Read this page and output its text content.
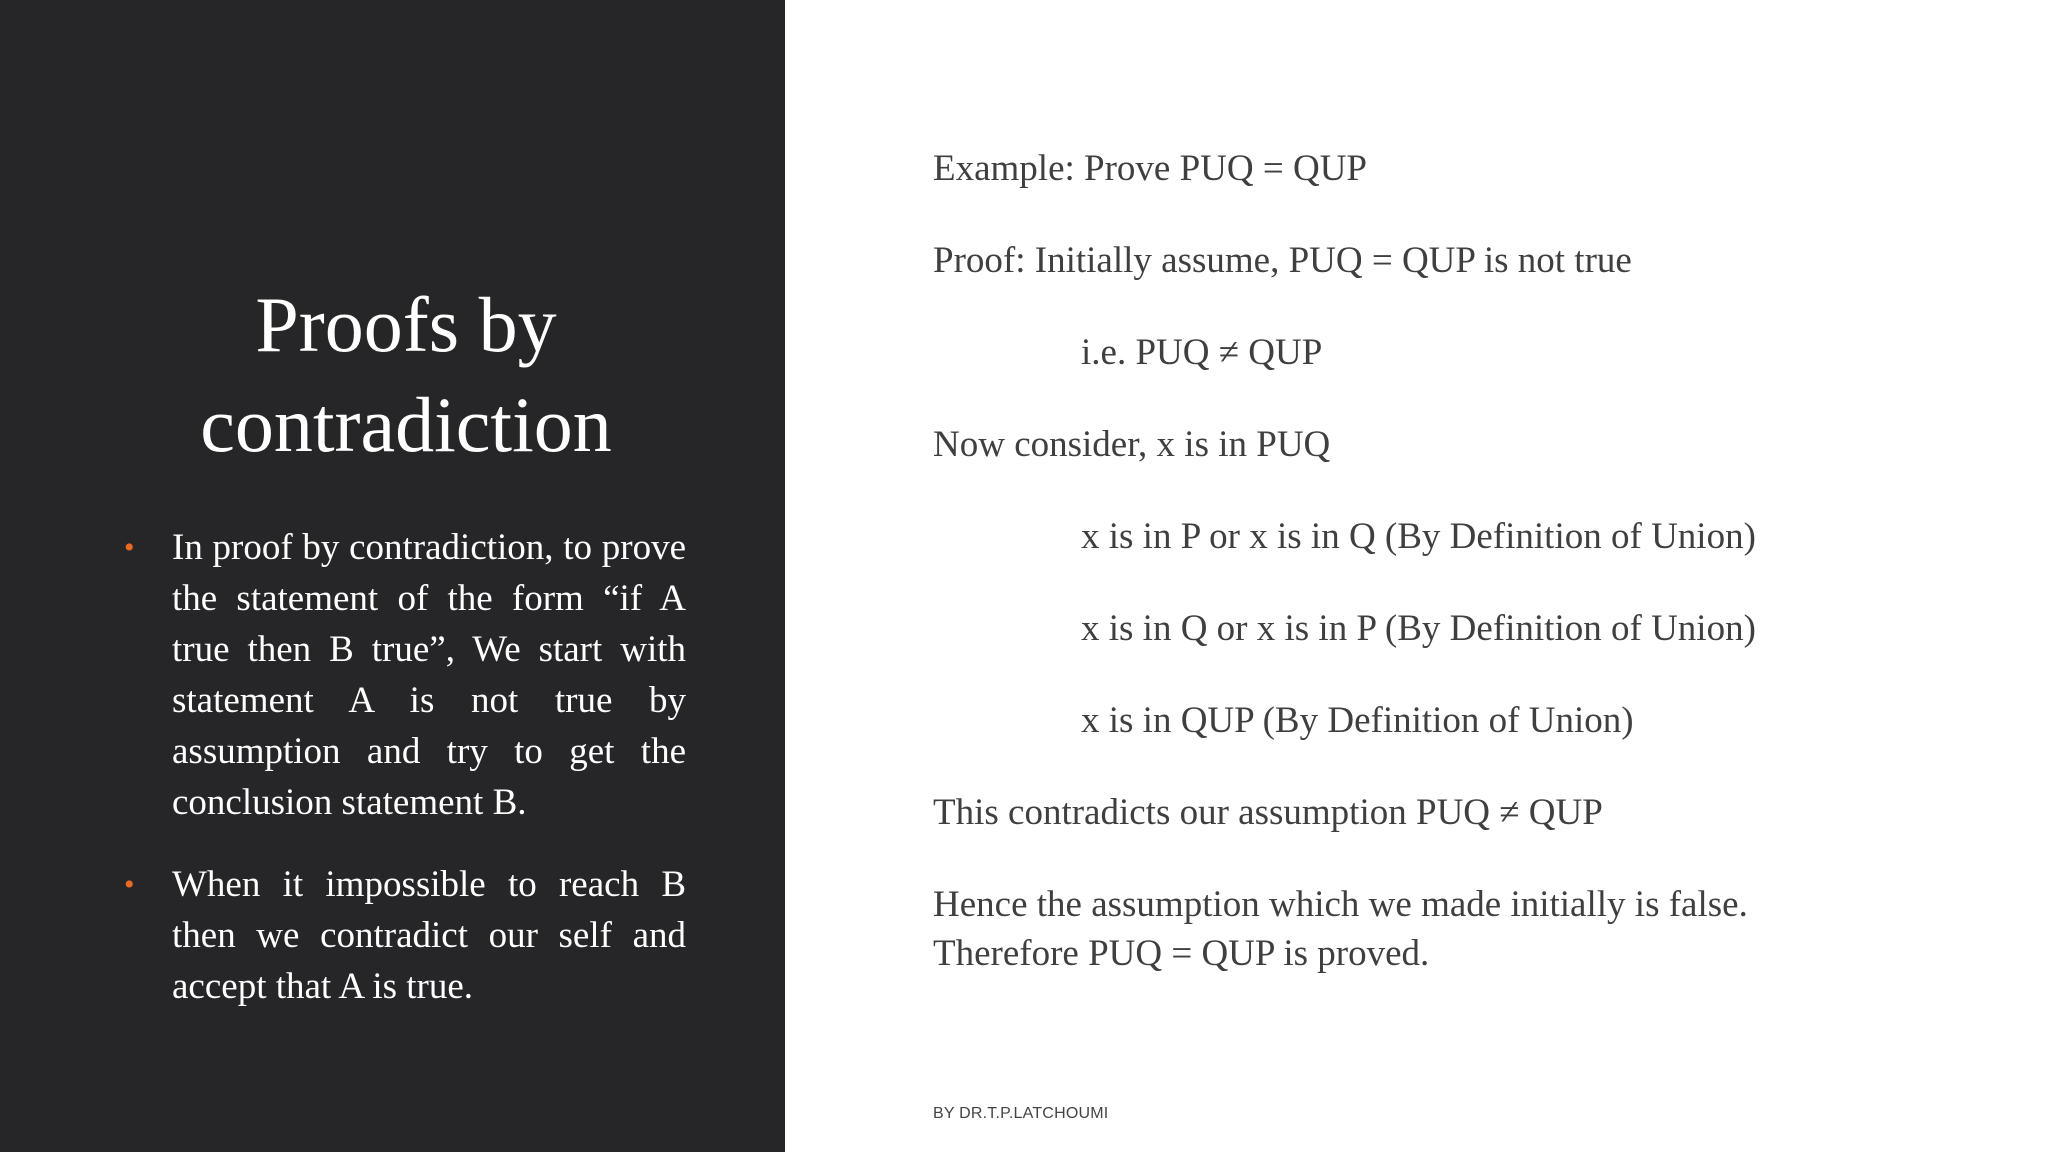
Proofs by
contradiction
• In proof by contradiction, to prove the statement of the form “if A true then B true”, We start with statement A is not true by assumption and try to get the conclusion statement B.
• When it impossible to reach B then we contradict our self and accept that A is true.
Example: Prove PUQ = QUP
Proof: Initially assume, PUQ = QUP is not true
i.e. PUQ ≠ QUP
Now consider, x is in PUQ
x is in P or x is in Q (By Definition of Union)
x is in Q or x is in P (By Definition of Union)
x is in QUP (By Definition of Union)
This contradicts our assumption PUQ ≠ QUP
Hence the assumption which we made initially is false.
Therefore PUQ = QUP is proved.
BY DR.T.P.LATCHOUMI
